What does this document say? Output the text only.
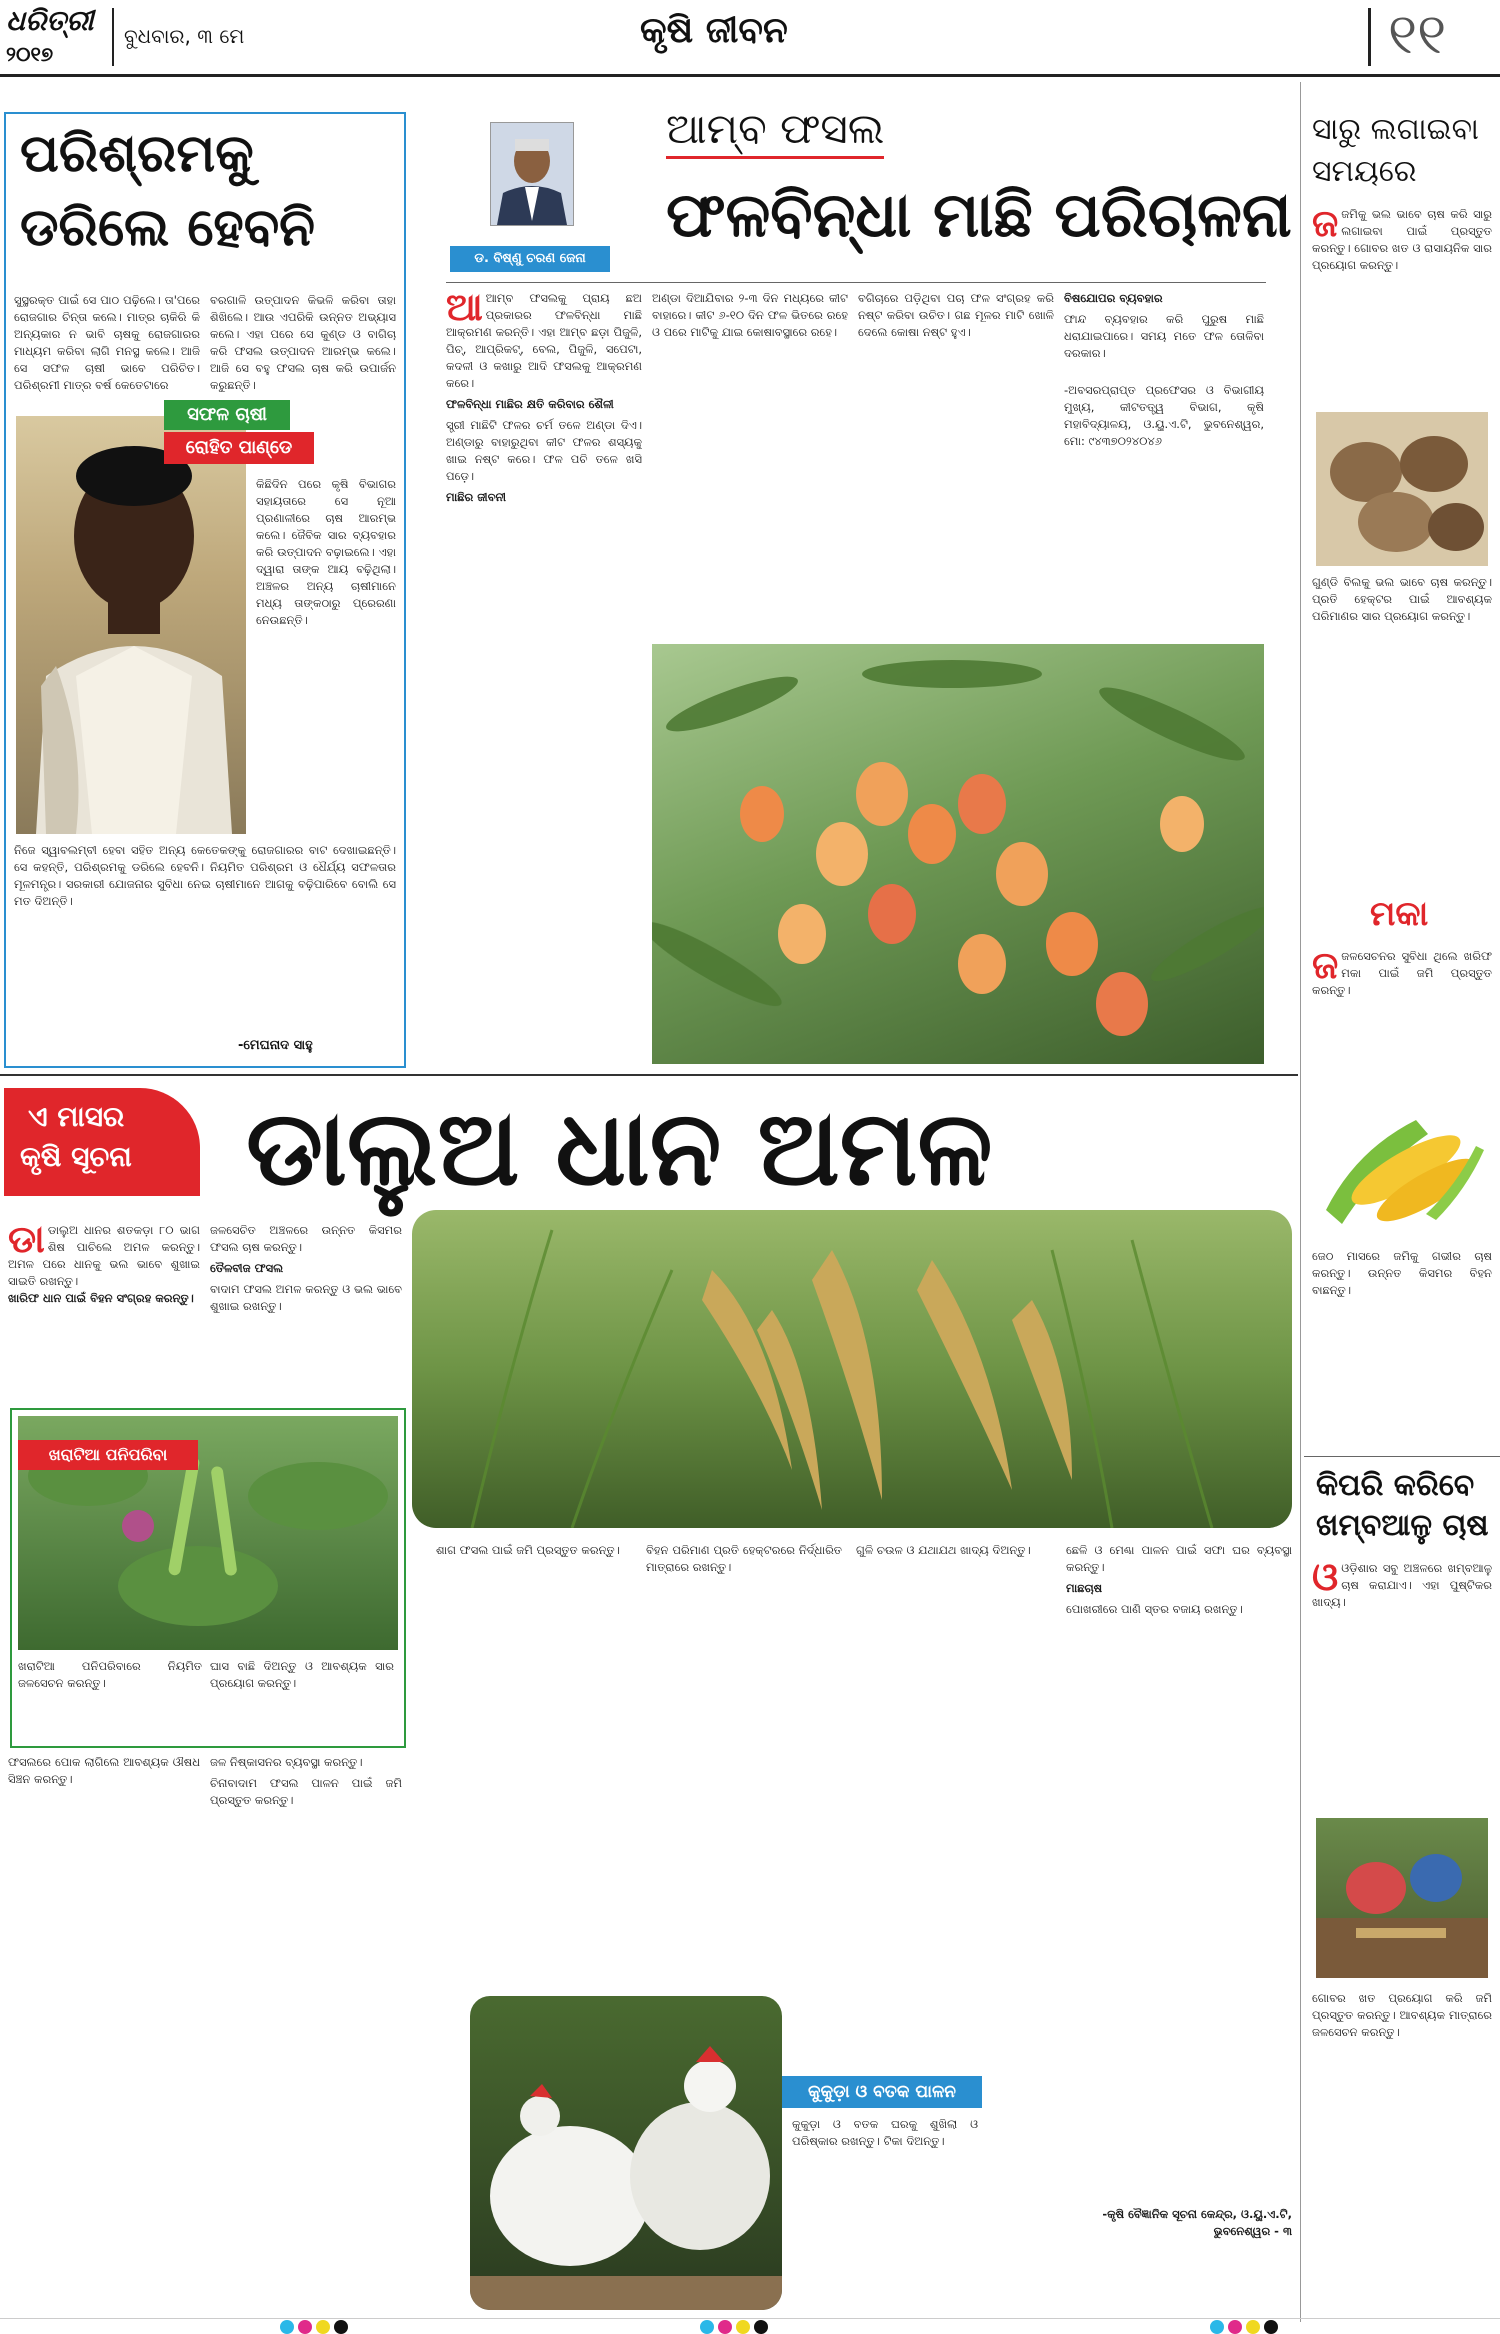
ଧରିତ୍ରୀ
୨୦୧୭
ବୁଧବାର, ୩ ମେ	କୃଷି ଜୀବନ	୧୧
ପରିଶ୍ରମକୁ
ଡରିଲେ ହେବନି
ସୁସ୍ଥରକ୍ତ ପାଇଁ ସେ ପାଠ ପଢ଼ିଲେ। ତା'ପରେ ରୋଜଗାର ଚିନ୍ତା କଲେ। ମାତ୍ର ଚାକିରି କି ଅନ୍ୟକାର ନ ଭାବି ଚାଷକୁ ରୋଜଗାରର ମାଧ୍ୟମ କରିବା ଲାଗି ମନସ୍ଥ କଲେ। ଆଜି ସେ ସଫଳ ଚାଷୀ ଭାବେ ପରିଚିତ। ପରିଶ୍ରମୀ ମାତ୍ର ବର୍ଷ କେତେଟାରେ
ବରଗାଳି ଉତ୍ପାଦନ କିଭଳି କରିବା ତାହା ଶିଖିଲେ। ଆଉ ଏପରିକି ଉନ୍ନତ ଅଭ୍ୟାସ କଲେ। ଏହା ପରେ ସେ କୁଣ୍ଡ ଓ ବାଗିଚା କରି ଫସଲ ଉତ୍ପାଦନ ଆରମ୍ଭ କଲେ। ଆଜି ସେ ବହୁ ଫସଲ ଚାଷ କରି ଉପାର୍ଜନ କରୁଛନ୍ତି।
ସଫଳ ଚାଷୀ
ରୋହିତ ପାଣ୍ଡେ
କିଛିଦିନ ପରେ କୃଷି ବିଭାଗର ସହାୟତାରେ ସେ ନୂଆ ପ୍ରଣାଳୀରେ ଚାଷ ଆରମ୍ଭ କଲେ। ଜୈବିକ ସାର ବ୍ୟବହାର କରି ଉତ୍ପାଦନ ବଢ଼ାଇଲେ। ଏହା ଦ୍ୱାରା ତାଙ୍କ ଆୟ ବଢ଼ିଥିଲା। ଅଞ୍ଚଳର ଅନ୍ୟ ଚାଷୀମାନେ ମଧ୍ୟ ତାଙ୍କଠାରୁ ପ୍ରେରଣା ନେଉଛନ୍ତି।
ନିଜେ ସ୍ୱାବଲମ୍ବୀ ହେବା ସହିତ ଅନ୍ୟ କେତେକଙ୍କୁ ରୋଜଗାରର ବାଟ ଦେଖାଇଛନ୍ତି। ସେ କହନ୍ତି, ପରିଶ୍ରମକୁ ଡରିଲେ ହେବନି। ନିୟମିତ ପରିଶ୍ରମ ଓ ଧୈର୍ଯ୍ୟ ସଫଳତାର ମୂଳମନ୍ତ୍ର। ସରକାରୀ ଯୋଜନାର ସୁବିଧା ନେଇ ଚାଷୀମାନେ ଆଗକୁ ବଢ଼ିପାରିବେ ବୋଲି ସେ ମତ ଦିଅନ୍ତି।
-ମେଘନାଦ ସାହୁ
ଡ. ବିଷ୍ଣୁ ଚରଣ ଜେନା
ଆମ୍ବ ଫସଲ
ଫଳବିନ୍ଧା ମାଛି ପରିଚାଳନା

ଆଆମ୍ବ ଫସଲକୁ ପ୍ରାୟ ଛଅ ପ୍ରକାରର ଫଳବିନ୍ଧା ମାଛି ଆକ୍ରମଣ କରନ୍ତି। ଏହା ଆମ୍ବ ଛଡ଼ା ପିଜୁଳି, ପିଚ୍, ଆପ୍ରିକଟ୍, ବେଲ, ପିଜୁଳି, ସପେଟା, କଦଳୀ ଓ କଖାରୁ ଆଦି ଫସଲକୁ ଆକ୍ରମଣ କରେ।

ଫଳବିନ୍ଧା ମାଛିର କ୍ଷତି କରିବାର ଶୈଳୀ

ସ୍ତ୍ରୀ ମାଛିଟି ଫଳର ଚର୍ମ ତଳେ ଅଣ୍ଡା ଦିଏ। ଅଣ୍ଡାରୁ ବାହାରୁଥିବା କୀଟ ଫଳର ଶସ୍ୟକୁ ଖାଇ ନଷ୍ଟ କରେ। ଫଳ ପଚି ତଳେ ଖସି ପଡ଼େ।

ମାଛିର ଜୀବନୀ

ଅଣ୍ଡା ଦିଆଯିବାର ୨-୩ ଦିନ ମଧ୍ୟରେ କୀଟ ବାହାରେ। କୀଟ ୬-୧୦ ଦିନ ଫଳ ଭିତରେ ରହେ ଓ ପରେ ମାଟିକୁ ଯାଇ କୋଷାବସ୍ଥାରେ ରହେ।
ବଗିଚାରେ ପଡ଼ିଥିବା ପଚା ଫଳ ସଂଗ୍ରହ କରି ନଷ୍ଟ କରିବା ଉଚିତ। ଗଛ ମୂଳର ମାଟି ଖୋଳି ଦେଲେ କୋଷା ନଷ୍ଟ ହୁଏ।

ବିଷଯୋପର ବ୍ୟବହାର

ଫାନ୍ଦ ବ୍ୟବହାର କରି ପୁରୁଷ ମାଛି ଧରାଯାଇପାରେ। ସମୟ ମତେ ଫଳ ତୋଳିବା ଦରକାର।

-ଅବସରପ୍ରାପ୍ତ ପ୍ରଫେସର ଓ ବିଭାଗୀୟ ମୁଖ୍ୟ, କୀଟତତ୍ତ୍ୱ ବିଭାଗ, କୃଷି ମହାବିଦ୍ୟାଳୟ, ଓ.ୟୁ.ଏ.ଟି, ଭୁବନେଶ୍ୱର, ମୋ: ୯୪୩୭୦୨୪୦୪୬

ସାରୁ ଲଗାଇବା
ସମୟରେ
ଜଜମିକୁ ଭଲ ଭାବେ ଚାଷ କରି ସାରୁ ଲଗାଇବା ପାଇଁ ପ୍ରସ୍ତୁତ କରନ୍ତୁ। ଗୋବର ଖତ ଓ ରାସାୟନିକ ସାର ପ୍ରୟୋଗ କରନ୍ତୁ।
ଗୁଣ୍ଡି ବିଲକୁ ଭଲ ଭାବେ ଚାଷ କରନ୍ତୁ। ପ୍ରତି ହେକ୍ଟର ପାଇଁ ଆବଶ୍ୟକ ପରିମାଣର ସାର ପ୍ରୟୋଗ କରନ୍ତୁ।
ମକା
ଜଜଳସେଚନର ସୁବିଧା ଥିଲେ ଖରିଫ ମକା ପାଇଁ ଜମି ପ୍ରସ୍ତୁତ କରନ୍ତୁ।
ଜେଠ ମାସରେ ଜମିକୁ ଗଭୀର ଚାଷ କରନ୍ତୁ। ଉନ୍ନତ କିସମର ବିହନ ବାଛନ୍ତୁ।
କିପରି କରିବେ
ଖମ୍ବଆଳୁ ଚାଷ
ଓଓଡ଼ିଶାର ସବୁ ଅଞ୍ଚଳରେ ଖମ୍ବଆଳୁ ଚାଷ କରାଯାଏ। ଏହା ପୁଷ୍ଟିକର ଖାଦ୍ୟ।
ଗୋବର ଖତ ପ୍ରୟୋଗ କରି ଜମି ପ୍ରସ୍ତୁତ କରନ୍ତୁ। ଆବଶ୍ୟକ ମାତ୍ରାରେ ଜଳସେଚନ କରନ୍ତୁ।
ଏ ମାସର
କୃଷି ସୂଚନା ଡାଲୁଅ ଧାନ ଅମଳ
ଡାଡାଲୁଅ ଧାନର ଶତକଡ଼ା ୮୦ ଭାଗ ଶିଷ ପାଚିଲେ ଅମଳ କରନ୍ତୁ। ଅମଳ ପରେ ଧାନକୁ ଭଲ ଭାବେ ଶୁଖାଇ ସାଇତି ରଖନ୍ତୁ।

ଖାରିଫ ଧାନ ପାଇଁ ବିହନ ସଂଗ୍ରହ କରନ୍ତୁ।

ଜଳସେଚିତ ଅଞ୍ଚଳରେ ଉନ୍ନତ କିସମର ଫସଲ ଚାଷ କରନ୍ତୁ।

ତୈଳବୀଜ ଫସଲ

ବାଦାମ ଫସଲ ଅମଳ କରନ୍ତୁ ଓ ଭଲ ଭାବେ ଶୁଖାଇ ରଖନ୍ତୁ।

ଖରାଟିଆ ପନିପରିବା
ଖରାଟିଆ ପନିପରିବାରେ ନିୟମିତ ଜଳସେଚନ କରନ୍ତୁ।
ଘାସ ବାଛି ଦିଅନ୍ତୁ ଓ ଆବଶ୍ୟକ ସାର ପ୍ରୟୋଗ କରନ୍ତୁ।
ଫସଲରେ ପୋକ ଲାଗିଲେ ଆବଶ୍ୟକ ଔଷଧ ସିଞ୍ଚନ କରନ୍ତୁ।

ଜଳ ନିଷ୍କାସନର ବ୍ୟବସ୍ଥା କରନ୍ତୁ।

ଚିନାବାଦାମ ଫସଲ ପାଳନ ପାଇଁ ଜମି ପ୍ରସ୍ତୁତ କରନ୍ତୁ।

ଶାଗ ଫସଲ ପାଇଁ ଜମି ପ୍ରସ୍ତୁତ କରନ୍ତୁ।	ବିହନ ପରିମାଣ ପ୍ରତି ହେକ୍ଟରରେ ନିର୍ଦ୍ଧାରିତ ମାତ୍ରାରେ ରଖନ୍ତୁ।
ଗୁଳି ଚଉଳ ଓ ଯଥାଯଥ ଖାଦ୍ୟ ଦିଅନ୍ତୁ।	ଛେଳି ଓ ମେଣ୍ଢା ପାଳନ ପାଇଁ ସଫା ଘର ବ୍ୟବସ୍ଥା କରନ୍ତୁ।

ମାଛଚାଷ

ପୋଖରୀରେ ପାଣି ସ୍ତର ବଜାୟ ରଖନ୍ତୁ।

କୁକୁଡ଼ା ଓ ବତକ ପାଳନ
କୁକୁଡ଼ା ଓ ବତକ ଘରକୁ ଶୁଖିଲା ଓ ପରିଷ୍କାର ରଖନ୍ତୁ। ଟିକା ଦିଅନ୍ତୁ।
-କୃଷି ବୈଜ୍ଞାନିକ ସୂଚନା କେନ୍ଦ୍ର, ଓ.ୟୁ.ଏ.ଟି, ଭୁବନେଶ୍ୱର - ୩
